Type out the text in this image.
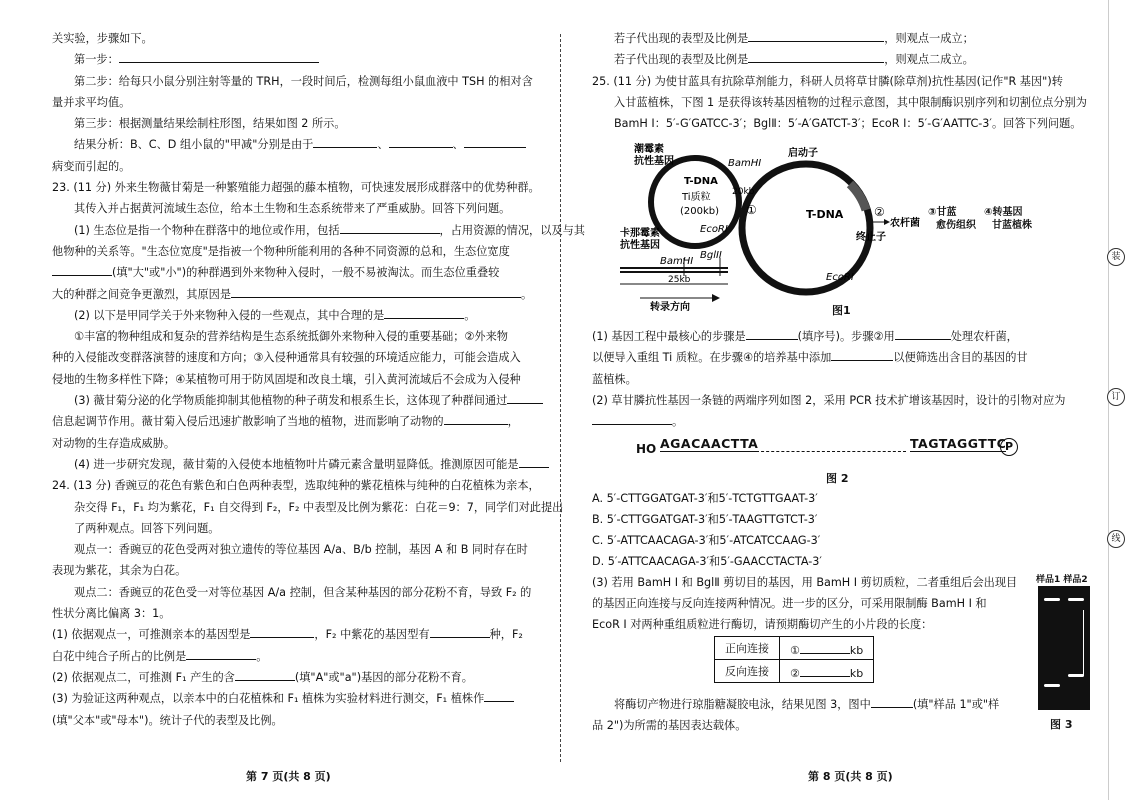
关实验，步骤如下。
第一步：
第二步：给每只小鼠分别注射等量的 TRH，一段时间后，检测每组小鼠血液中 TSH 的相对含
量并求平均值。
第三步：根据测量结果绘制柱形图，结果如图 2 所示。
结果分析：B、C、D 组小鼠的"甲减"分别是由于	、	、
病变而引起的。
23. (11 分) 外来生物薇甘菊是一种繁殖能力超强的藤本植物，可快速发展形成群落中的优势种群。
其传入并占据黄河流域生态位，给本土生物和生态系统带来了严重威胁。回答下列问题。
(1) 生态位是指一个物种在群落中的地位或作用，包括	，占用资源的情况，以及与其
他物种的关系等。"生态位宽度"是指被一个物种所能利用的各种不同资源的总和，生态位宽度
(填"大"或"小")的种群遇到外来物种入侵时，一般不易被淘汰。而生态位重叠较
大的种群之间竞争更激烈，其原因是	。
(2) 以下是甲同学关于外来物种入侵的一些观点，其中合理的是	。
①丰富的物种组成和复杂的营养结构是生态系统抵御外来物种入侵的重要基础；②外来物
种的入侵能改变群落演替的速度和方向；③入侵种通常具有较强的环境适应能力，可能会造成入
侵地的生物多样性下降；④某植物可用于防风固堤和改良土壤，引入黄河流域后不会成为入侵种
(3) 薇甘菊分泌的化学物质能抑制其他植物的种子萌发和根系生长，这体现了种群间通过
信息起调节作用。薇甘菊入侵后迅速扩散影响了当地的植物，进而影响了动物的	，
对动物的生存造成威胁。
(4) 进一步研究发现，薇甘菊的入侵使本地植物叶片磷元素含量明显降低。推测原因可能是
24. (13 分) 香豌豆的花色有紫色和白色两种表型，选取纯种的紫花植株与纯种的白花植株为亲本，
杂交得 F₁，F₁ 均为紫花，F₁ 自交得到 F₂，F₂ 中表型及比例为紫花：白花＝9：7，同学们对此提出
了两种观点。回答下列问题。
观点一：香豌豆的花色受两对独立遗传的等位基因 A/a、B/b 控制，基因 A 和 B 同时存在时
表现为紫花，其余为白花。
观点二：香豌豆的花色受一对等位基因 A/a 控制，但含某种基因的部分花粉不育，导致 F₂ 的
性状分离比偏离 3：1。
(1) 依据观点一，可推测亲本的基因型是	，F₂ 中紫花的基因型有	种，F₂
白花中纯合子所占的比例是	。
(2) 依据观点二，可推测 F₁ 产生的含	(填"A"或"a")基因的部分花粉不育。
(3) 为验证这两种观点，以亲本中的白花植株和 F₁ 植株为实验材料进行测交，F₁ 植株作
(填"父本"或"母本")。统计子代的表型及比例。
第 7 页(共 8 页)	第 8 页(共 8 页)
若子代出现的表型及比例是	，则观点一成立；
若子代出现的表型及比例是	，则观点二成立。
25. (11 分) 为使甘蓝具有抗除草剂能力，科研人员将草甘膦(除草剂)抗性基因(记作"R 基因")转
入甘蓝植株，下图 1 是获得该转基因植物的过程示意图，其中限制酶识别序列和切割位点分别为
BamH Ⅰ：5′-G′GATCC-3′；BglⅡ：5′-A′GATCT-3′；EcoR Ⅰ：5′-G′AATTC-3′。回答下列问题。
潮霉素
抗性基因	BamHI
T-DNA
Ti质粒
(200kb)
20kb
EcoRI
①
卡那霉素
抗性基因
BamHI
BglII
25kb
转录方向
启动子
T-DNA
终止子
EcoRI
②
农杆菌
③甘蓝
愈伤组织
④转基因
甘蓝植株
图1
(1) 基因工程中最核心的步骤是	(填序号)。步骤②用	处理农杆菌，
以便导入重组 Ti 质粒。在步骤④的培养基中添加	以便筛选出含目的基因的甘
蓝植株。
(2) 草甘膦抗性基因一条链的两端序列如图 2，采用 PCR 技术扩增该基因时，设计的引物对应为
。
HO AGACAACTTA	TAGTAGGTTC
P
图 2
A. 5′-CTTGGATGAT-3′和5′-TCTGTTGAAT-3′
B. 5′-CTTGGATGAT-3′和5′-TAAGTTGTCT-3′
C. 5′-ATTCAACAGA-3′和5′-ATCATCCAAG-3′
D. 5′-ATTCAACAGA-3′和5′-GAACCTACTA-3′
(3) 若用 BamH Ⅰ 和 BglⅡ 剪切目的基因，用 BamH Ⅰ 剪切质粒，二者重组后会出现目
的基因正向连接与反向连接两种情况。进一步的区分，可采用限制酶 BamH Ⅰ 和
EcoR Ⅰ 对两种重组质粒进行酶切，请预期酶切产生的小片段的长度：
正向连接	① kb
反向连接	② kb
将酶切产物进行琼脂糖凝胶电泳，结果见图 3，图中	(填"样品 1"或"样
品 2")为所需的基因表达载体。
样品1 样品2
图 3
装
订
线
